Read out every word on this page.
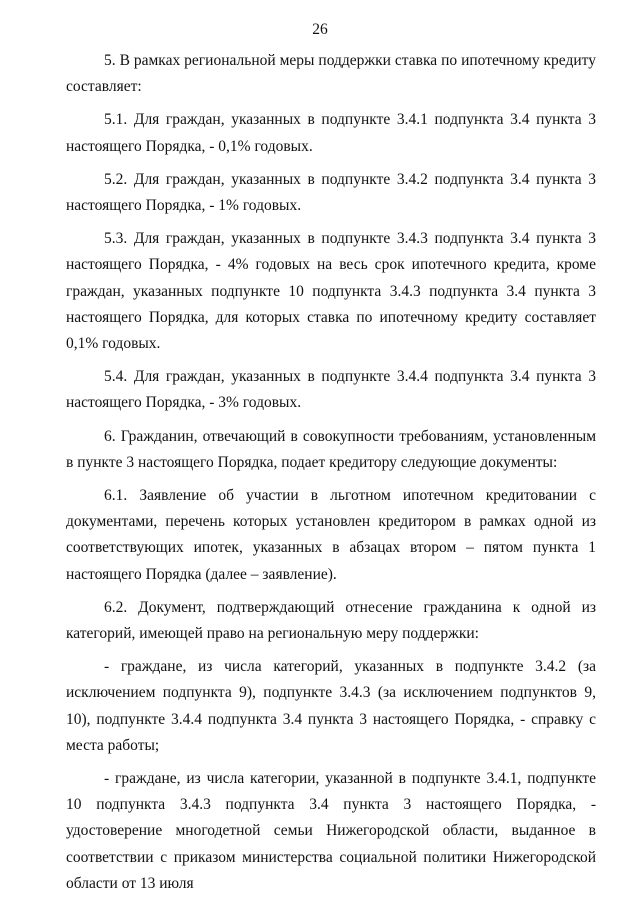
26

5. В рамках региональной меры поддержки ставка по ипотечному кредиту составляет:

5.1. Для граждан, указанных в подпункте 3.4.1 подпункта 3.4 пункта 3 настоящего Порядка, - 0,1% годовых.

5.2. Для граждан, указанных в подпункте 3.4.2 подпункта 3.4 пункта 3 настоящего Порядка, - 1% годовых.

5.3. Для граждан, указанных в подпункте 3.4.3 подпункта 3.4 пункта 3 настоящего Порядка, - 4% годовых на весь срок ипотечного кредита, кроме граждан, указанных подпункте 10 подпункта 3.4.3 подпункта 3.4 пункта 3 настоящего Порядка, для которых ставка по ипотечному кредиту составляет 0,1% годовых.

5.4. Для граждан, указанных в подпункте 3.4.4 подпункта 3.4 пункта 3 настоящего Порядка, - 3% годовых.

6. Гражданин, отвечающий в совокупности требованиям, установленным в пункте 3 настоящего Порядка, подает кредитору следующие документы:

6.1. Заявление об участии в льготном ипотечном кредитовании с документами, перечень которых установлен кредитором в рамках одной из соответствующих ипотек, указанных в абзацах втором – пятом пункта 1 настоящего Порядка (далее – заявление).

6.2. Документ, подтверждающий отнесение гражданина к одной из категорий, имеющей право на региональную меру поддержки:

- граждане, из числа категорий, указанных в подпункте 3.4.2 (за исключением подпункта 9), подпункте 3.4.3 (за исключением подпунктов 9, 10), подпункте 3.4.4 подпункта 3.4 пункта 3 настоящего Порядка, - справку с места работы;

- граждане, из числа категории, указанной в подпункте 3.4.1, подпункте 10 подпункта 3.4.3 подпункта 3.4 пункта 3 настоящего Порядка, - удостоверение многодетной семьи Нижегородской области, выданное в соответствии с приказом министерства социальной политики Нижегородской области от 13 июля
